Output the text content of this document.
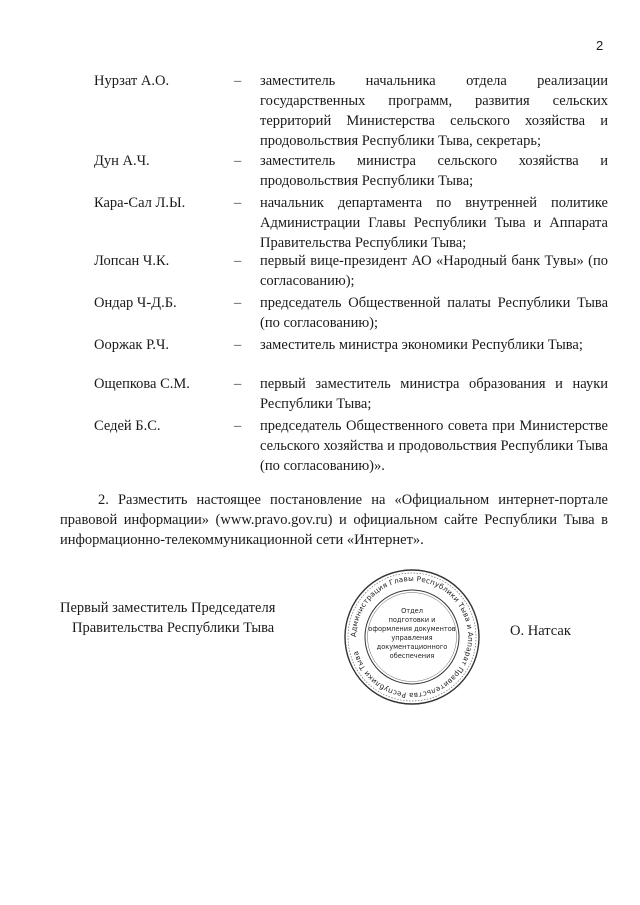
2
Нурзат А.О.	– заместитель начальника отдела реализации государственных программ, развития сельских территорий Министерства сельского хозяйства и продовольствия Республики Тыва, секретарь;
Дун А.Ч.	– заместитель министра сельского хозяйства и продовольствия Республики Тыва;
Кара-Сал Л.Ы.	– начальник департамента по внутренней политике Администрации Главы Республики Тыва и Аппарата Правительства Республики Тыва;
Лопсан Ч.К.	– первый вице-президент АО «Народный банк Тувы» (по согласованию);
Ондар Ч-Д.Б.	– председатель Общественной палаты Республики Тыва (по согласованию);
Ооржак Р.Ч.	– заместитель министра экономики Республики Тыва;
Ощепкова С.М.	– первый заместитель министра образования и науки Республики Тыва;
Седей Б.С.	– председатель Общественного совета при Министерстве сельского хозяйства и продовольствия Республики Тыва (по согласованию)».

2. Разместить настоящее постановление на «Официальном интернет-портале правовой информации» (www.pravo.gov.ru) и официальном сайте Республики Тыва в информационно-телекоммуникационной сети «Интернет».

Первый заместитель Председателя
Правительства Республики Тыва	Администрация Главы Республики Тыва и Аппарат Правительства Республики Тыва
Отдел
подготовки и
оформления документов
управления
документационного
обеспечения
О. Натсак
